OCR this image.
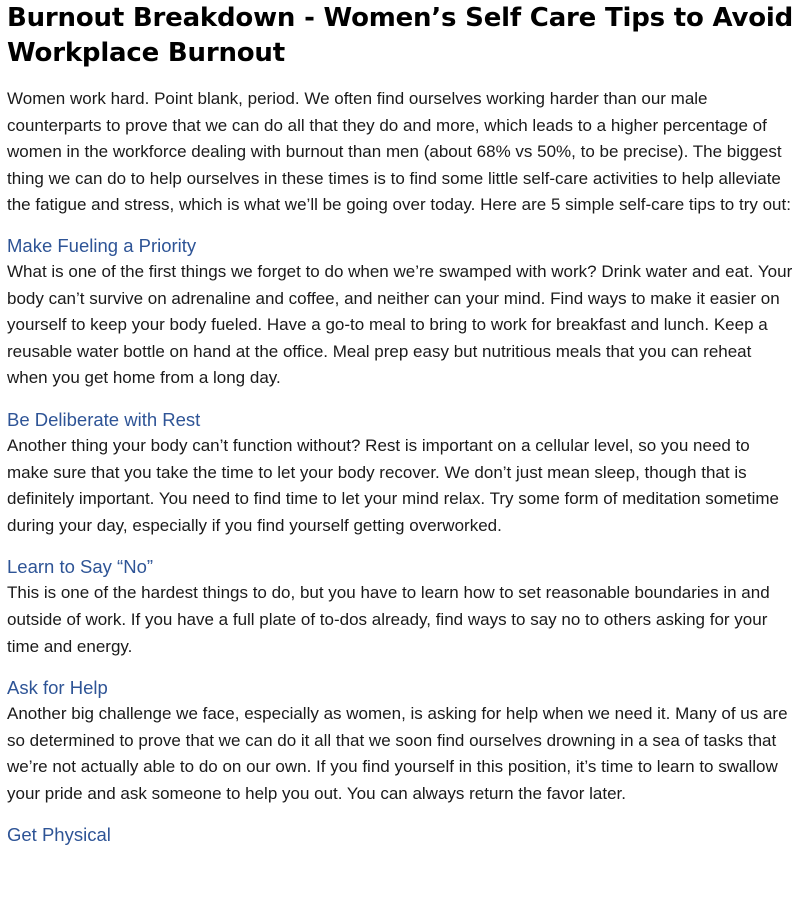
Burnout Breakdown - Women’s Self Care Tips to Avoid Workplace Burnout

Women work hard. Point blank, period. We often find ourselves working harder than our male counterparts to prove that we can do all that they do and more, which leads to a higher percentage of women in the workforce dealing with burnout than men (about 68% vs 50%, to be precise). The biggest thing we can do to help ourselves in these times is to find some little self-care activities to help alleviate the fatigue and stress, which is what we’ll be going over today. Here are 5 simple self-care tips to try out:

Make Fueling a Priority

What is one of the first things we forget to do when we’re swamped with work? Drink water and eat. Your body can’t survive on adrenaline and coffee, and neither can your mind. Find ways to make it easier on yourself to keep your body fueled. Have a go-to meal to bring to work for breakfast and lunch. Keep a reusable water bottle on hand at the office. Meal prep easy but nutritious meals that you can reheat when you get home from a long day.

Be Deliberate with Rest

Another thing your body can’t function without? Rest is important on a cellular level, so you need to make sure that you take the time to let your body recover. We don’t just mean sleep, though that is definitely important. You need to find time to let your mind relax. Try some form of meditation sometime during your day, especially if you find yourself getting overworked.

Learn to Say “No”

This is one of the hardest things to do, but you have to learn how to set reasonable boundaries in and outside of work. If you have a full plate of to-dos already, find ways to say no to others asking for your time and energy.

Ask for Help

Another big challenge we face, especially as women, is asking for help when we need it. Many of us are so determined to prove that we can do it all that we soon find ourselves drowning in a sea of tasks that we’re not actually able to do on our own. If you find yourself in this position, it’s time to learn to swallow your pride and ask someone to help you out. You can always return the favor later.

Get Physical
